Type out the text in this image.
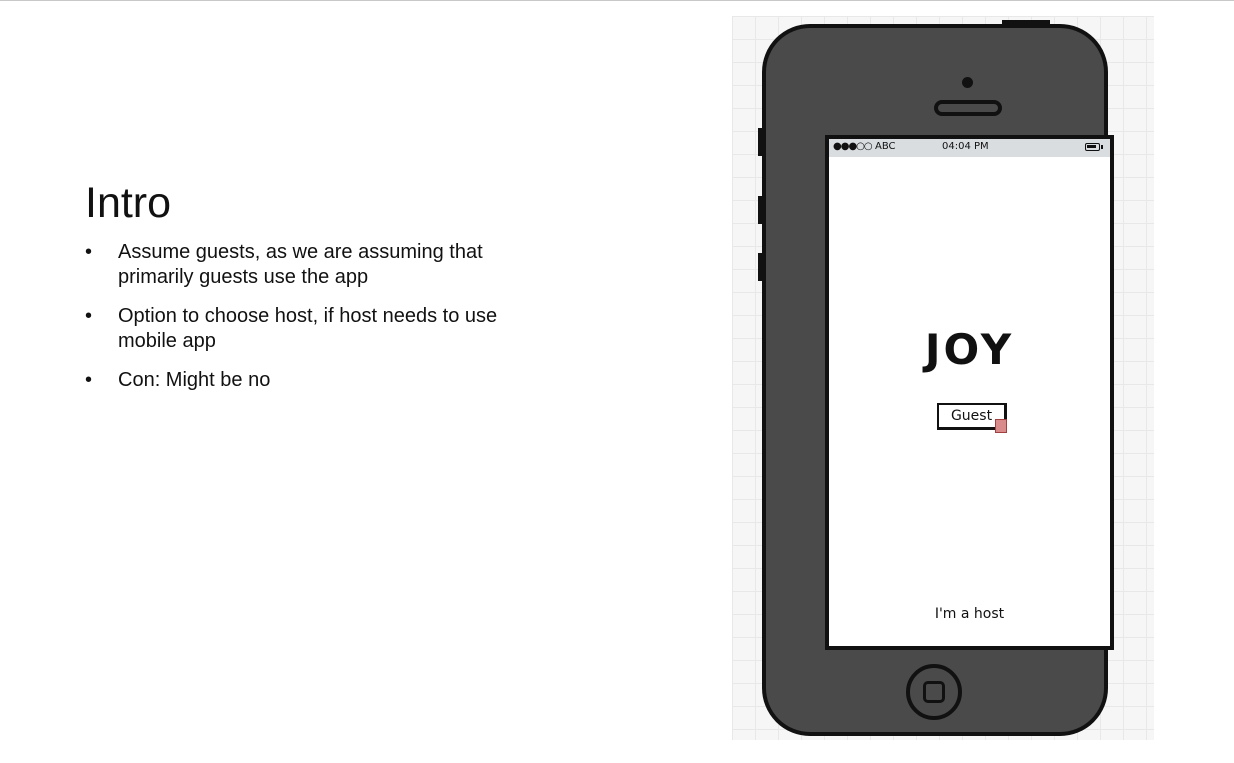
Intro
• Assume guests, as we are assuming that primarily guests use the app
• Option to choose host, if host needs to use mobile app
• Con: Might be no
●●●○○ ABC	04:04 PM
JOY
Guest
I'm a host
